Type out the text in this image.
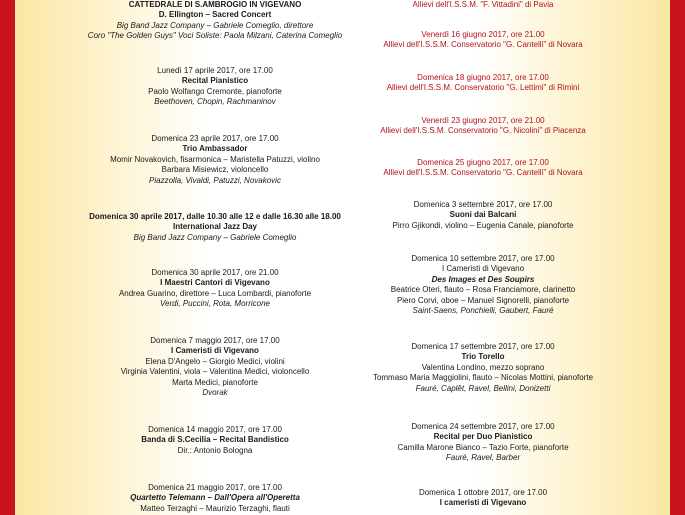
CATTEDRALE DI S.AMBROGIO IN VIGEVANO
D. Ellington – Sacred Concert
Big Band Jazz Company – Gabriele Comeglio, direttore
Coro "The Golden Guys" Voci Soliste: Paola Milzani, Caterina Comeglio
Lunedì 17 aprile 2017, ore 17.00
Recital Pianistico
Paolo Wolfango Cremonte, pianoforte
Beethoven, Chopin, Rachmaninov
Domenica 23 aprile 2017, ore 17.00
Trio Ambassador
Momir Novakovich, fisarmonica – Maristella Patuzzi, violino
Barbara Misiewicz, violoncello
Piazzolla, Vivaldi, Patuzzi, Novakovic
Domenica 30 aprile 2017, dalle 10.30 alle 12 e dalle 16.30 alle 18.00
International Jazz Day
Big Band Jazz Company – Gabriele Comeglio
Domenica 30 aprile 2017, ore 21.00
I Maestri Cantori di Vigevano
Andrea Guarino, direttore – Luca Lombardi, pianoforte
Verdi, Puccini, Rota, Morricone
Domenica 7 maggio 2017, ore 17.00
I Cameristi di Vigevano
Elena D'Angelo – Giorgio Medici, violini
Virginia Valentini, viola – Valentina Medici, violoncello
Marta Medici, pianoforte
Dvorak
Domenica 14 maggio 2017, ore 17.00
Banda di S.Cecilia – Recital Bandistico
Dir.: Antonio Bologna
Domenica 21 maggio 2017, ore 17.00
Quartetto Telemann – Dall'Opera all'Operetta
Matteo Terzaghi – Maurizio Terzaghi, flauti
Allievi dell'I.S.S.M. "F. Vittadini" di Pavia
Venerdì 16 giugno 2017, ore 21.00
Allievi dell'I.S.S.M. Conservatorio "G. Cantelli" di Novara
Domenica 18 giugno 2017, ore 17.00
Allievi dell'I.S.S.M. Conservatorio "G. Lettimi" di Rimini
Venerdì 23 giugno 2017, ore 21.00
Allievi dell'I.S.S.M. Conservatorio "G. Nicolini" di Piacenza
Domenica 25 giugno 2017, ore 17.00
Allievi dell'I.S.S.M. Conservatorio "G. Cantelli" di Novara
Domenica 3 settembre 2017, ore 17.00
Suoni dai Balcani
Pirro Gjikondi, violino – Eugenia Canale, pianoforte
Domenica 10 settembre 2017, ore 17.00
I Cameristi di Vigevano
Des Images et Des Soupirs
Beatrice Oteri, flauto – Rosa Franciamore, clarinetto
Piero Corvi, oboe – Manuel Signorelli, pianoforte
Saint-Saens, Ponchielli, Gaubert, Fauré
Domenica 17 settembre 2017, ore 17.00
Trio Torello
Valentina Londino, mezzo soprano
Tommaso Maria Maggiolini, flauto – Nicolas Mottini, pianoforte
Fauré, Caplêt, Ravel, Bellini, Donizetti
Domenica 24 settembre 2017, ore 17.00
Recital per Duo Pianistico
Camilla Marone Bianco – Tazio Forte, pianoforte
Fauré, Ravel, Barber
Domenica 1 ottobre 2017, ore 17.00
I cameristi di Vigevano
